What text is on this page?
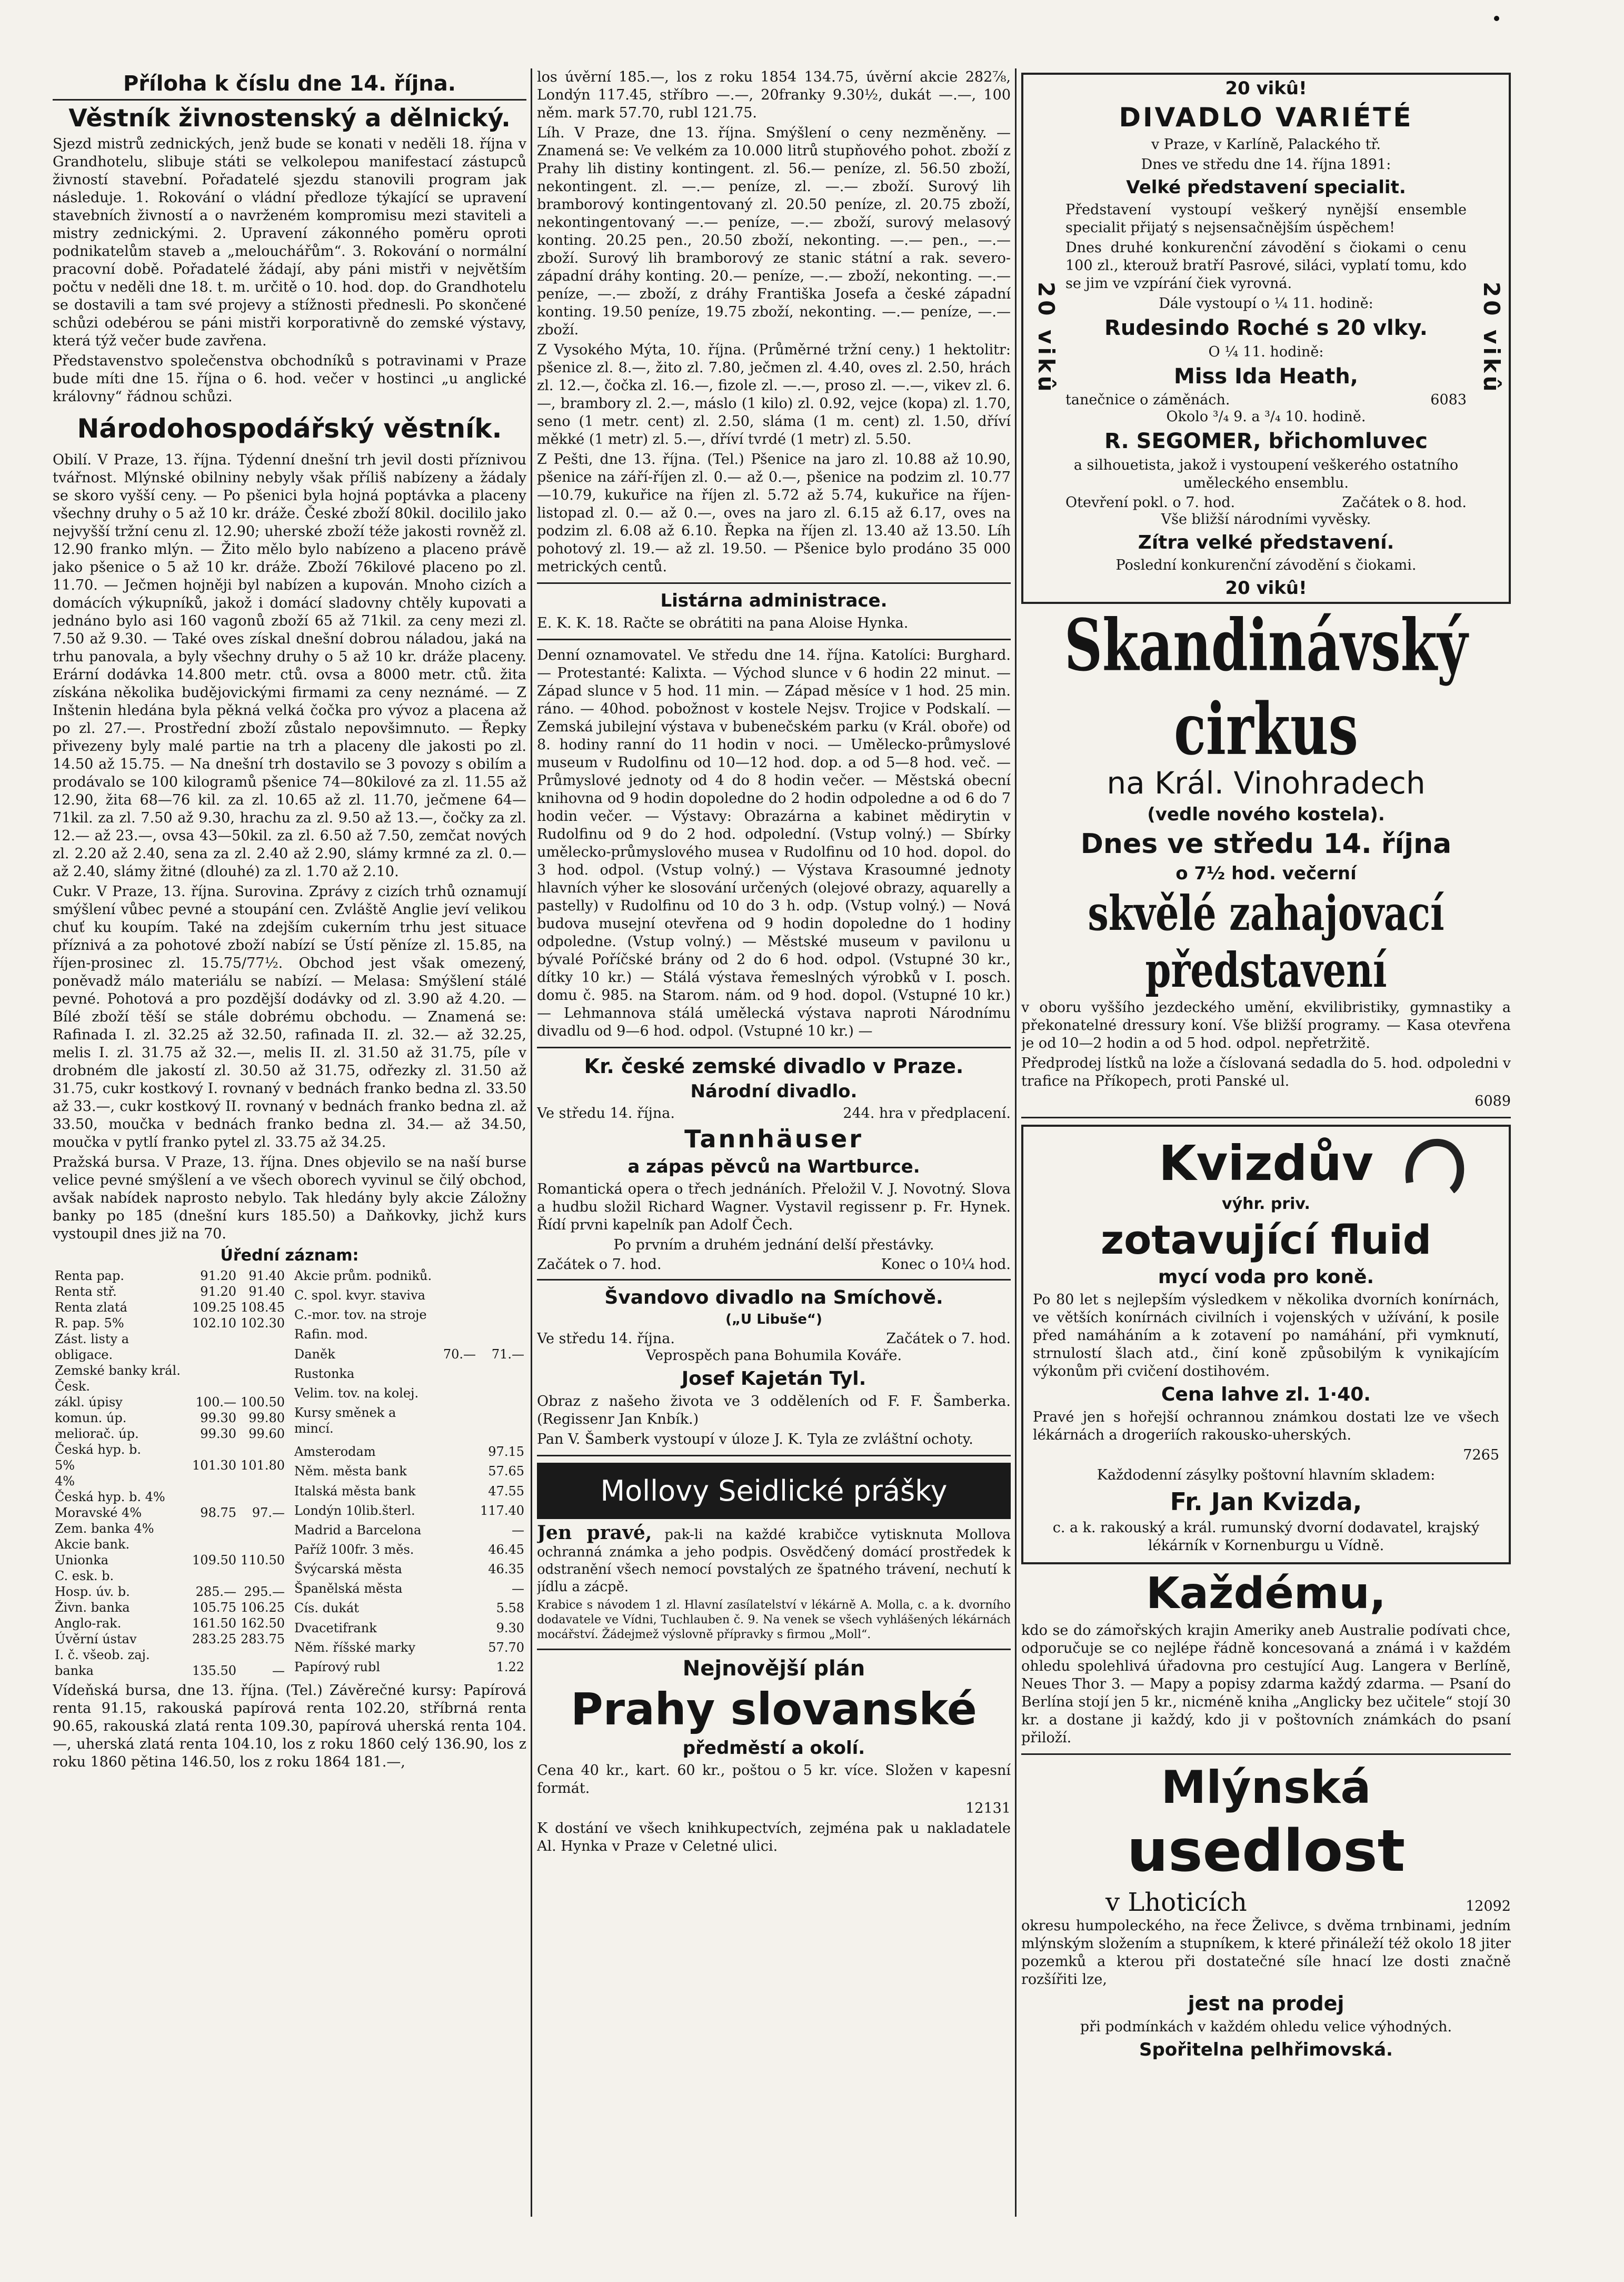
Příloha k číslu dne 14. října.
Věstník živnostenský a dělnický.

Sjezd mistrů zednických, jenž bude se konati v neděli 18. října v Grandhotelu, slibuje státi se velkolepou manifestací zástupců živností stavební. Pořadatelé sjezdu stanovili program jak následuje. 1. Rokování o vládní předloze týkající se upravení stavebních živností a o navrženém kompromisu mezi staviteli a mistry zednickými. 2. Upravení zákonného poměru oproti podnikatelům staveb a „melouchářům“. 3. Rokování o normální pracovní době. Pořadatelé žádají, aby páni mistři v největším počtu v neděli dne 18. t. m. určitě o 10. hod. dop. do Grandhotelu se dostavili a tam své projevy a stížnosti přednesli. Po skončené schůzi odebérou se páni mistři korporativně do zemské výstavy, která týž večer bude zavřena.

Představenstvo společenstva obchodníků s potravinami v Praze bude míti dne 15. října o 6. hod. večer v hostinci „u anglické královny“ řádnou schůzi.

Národohospodářský věstník.

Obilí. V Praze, 13. října. Týdenní dnešní trh jevil dosti příznivou tvářnost. Mlýnské obilniny nebyly však příliš nabízeny a žádaly se skoro vyšší ceny. — Po pšenici byla hojná poptávka a placeny všechny druhy o 5 až 10 kr. dráže. České zboží 80kil. docililo jako nejvyšší tržní cenu zl. 12.90; uherské zboží téže jakosti rovněž zl. 12.90 franko mlýn. — Žito mělo bylo nabízeno a placeno právě jako pšenice o 5 až 10 kr. dráže. Zboží 76kilové placeno po zl. 11.70. — Ječmen hojněji byl nabízen a kupován. Mnoho cizích a domácích výkupníků, jakož i domácí sladovny chtěly kupovati a jednáno bylo asi 160 vagonů zboží 65 až 71kil. za ceny mezi zl. 7.50 až 9.30. — Také oves získal dnešní dobrou náladou, jaká na trhu panovala, a byly všechny druhy o 5 až 10 kr. dráže placeny. Erární dodávka 14.800 metr. ctů. ovsa a 8000 metr. ctů. žita získána několika budějovickými firmami za ceny neznámé. — Z Inštenin hledána byla pěkná velká čočka pro vývoz a placena až po zl. 27.—. Prostřední zboží zůstalo nepovšimnuto. — Řepky přivezeny byly malé partie na trh a placeny dle jakosti po zl. 14.50 až 15.75. — Na dnešní trh dostavilo se 3 povozy s obilím a prodávalo se 100 kilogramů pšenice 74—80kilové za zl. 11.55 až 12.90, žita 68—76 kil. za zl. 10.65 až zl. 11.70, ječmene 64—71kil. za zl. 7.50 až 9.30, hrachu za zl. 9.50 až 13.—, čočky za zl. 12.— až 23.—, ovsa 43—50kil. za zl. 6.50 až 7.50, zemčat nových zl. 2.20 až 2.40, sena za zl. 2.40 až 2.90, slámy krmné za zl. 0.— až 2.40, slámy žitné (dlouhé) za zl. 1.70 až 2.10.

Cukr. V Praze, 13. října. Surovina. Zprávy z cizích trhů oznamují smýšlení vůbec pevné a stoupání cen. Zvláště Anglie jeví velikou chuť ku koupím. Také na zdejším cukerním trhu jest situace příznivá a za pohotové zboží nabízí se Ústí pěníze zl. 15.85, na říjen-prosinec zl. 15.75/77½. Obchod jest však omezený, poněvadž málo materiálu se nabízí. — Melasa: Smýšlení stálé pevné. Pohotová a pro pozdější dodávky od zl. 3.90 až 4.20. — Bílé zboží těší se stále dobrému obchodu. — Znamená se: Rafinada I. zl. 32.25 až 32.50, rafinada II. zl. 32.— až 32.25, melis I. zl. 31.75 až 32.—, melis II. zl. 31.50 až 31.75, píle v drobném dle jakostí zl. 30.50 až 31.75, odřezky zl. 31.50 až 31.75, cukr kostkový I. rovnaný v bednách franko bedna zl. 33.50 až 33.—, cukr kostkový II. rovnaný v bednách franko bedna zl. až 33.50, moučka v bednách franko bedna zl. 34.— až 34.50, moučka v pytlí franko pytel zl. 33.75 až 34.25.

Pražská bursa. V Praze, 13. října. Dnes objevilo se na naší burse velice pevné smýšlení a ve všech oborech vyvinul se čilý obchod, avšak nabídek naprosto nebylo. Tak hledány byly akcie Záložny banky po 185 (dnešní kurs 185.50) a Daňkovky, jichž kurs vystoupil dnes již na 70.

Úřední záznam:
Renta pap.	91.20	91.40
Renta stř.	91.20	91.40
Renta zlatá	109.25	108.45
R. pap. 5%	102.10	102.30
Zást. listy a obligace.		
Zemské banky král. Česk.		
zákl. úpisy	100.—	100.50
komun. úp.	99.30	99.80
meliorač. úp.	99.30	99.60
Česká hyp. b.		
5%	101.30	101.80
4%		
Česká hyp. b. 4%		
Moravské 4%	98.75	97.—
Zem. banka 4%		
Akcie bank.		
Unionka	109.50	110.50
C. esk. b.		
Hosp. úv. b.	285.—	295.—
Živn. banka	105.75	106.25
Anglo-rak.	161.50	162.50
Úvěrní ústav	283.25	283.75
I. č. všeob. zaj.		
banka	135.50	—
Akcie prům. podniků.		
C. spol. kvyr. staviva		
C.-mor. tov. na stroje		
Rafin. mod.		
Daněk	70.—	71.—
Rustonka		
Velim. tov. na kolej.		
Kursy směnek a mincí.		
Amsterodam		97.15
Něm. města bank		57.65
Italská města bank		47.55
Londýn 10lib.šterl.		117.40
Madrid a Barcelona		—
Paříž 100fr. 3 měs.		46.45
Švýcarská města		46.35
Španělská města		—
Cís. dukát		5.58
Dvacetifrank		9.30
Něm. říšské marky		57.70
Papírový rubl		1.22

Vídeňská bursa, dne 13. října. (Tel.) Závěrečné kursy: Papírová renta 91.15, rakouská papírová renta 102.20, stříbrná renta 90.65, rakouská zlatá renta 109.30, papírová uherská renta 104.—, uherská zlatá renta 104.10, los z roku 1860 celý 136.90, los z roku 1860 pětina 146.50, los z roku 1864 181.—,

los úvěrní 185.—, los z roku 1854 134.75, úvěrní akcie 282⅞, Londýn 117.45, stříbro —.—, 20franky 9.30½, dukát —.—, 100 něm. mark 57.70, rubl 121.75.

Líh. V Praze, dne 13. října. Smýšlení o ceny nezměněny. — Znamená se: Ve velkém za 10.000 litrů stupňového pohot. zboží z Prahy lih distiny kontingent. zl. 56.— peníze, zl. 56.50 zboží, nekontingent. zl. —.— peníze, zl. —.— zboží. Surový lih bramborový kontingentovaný zl. 20.50 peníze, zl. 20.75 zboží, nekontingentovaný —.— peníze, —.— zboží, surový melasový konting. 20.25 pen., 20.50 zboží, nekonting. —.— pen., —.— zboží. Surový lih bramborový ze stanic státní a rak. severo-západní dráhy konting. 20.— peníze, —.— zboží, nekonting. —.— peníze, —.— zboží, z dráhy Františka Josefa a české západní konting. 19.50 peníze, 19.75 zboží, nekonting. —.— peníze, —.— zboží.

Z Vysokého Mýta, 10. října. (Průměrné tržní ceny.) 1 hektolitr: pšenice zl. 8.—, žito zl. 7.80, ječmen zl. 4.40, oves zl. 2.50, hrách zl. 12.—, čočka zl. 16.—, fizole zl. —.—, proso zl. —.—, vikev zl. 6.—, brambory zl. 2.—, máslo (1 kilo) zl. 0.92, vejce (kopa) zl. 1.70, seno (1 metr. cent) zl. 2.50, sláma (1 m. cent) zl. 1.50, dříví měkké (1 metr) zl. 5.—, dříví tvrdé (1 metr) zl. 5.50.

Z Pešti, dne 13. října. (Tel.) Pšenice na jaro zl. 10.88 až 10.90, pšenice na září-říjen zl. 0.— až 0.—, pšenice na podzim zl. 10.77—10.79, kukuřice na říjen zl. 5.72 až 5.74, kukuřice na říjen-listopad zl. 0.— až 0.—, oves na jaro zl. 6.15 až 6.17, oves na podzim zl. 6.08 až 6.10. Řepka na říjen zl. 13.40 až 13.50. Líh pohotový zl. 19.— až zl. 19.50. — Pšenice bylo prodáno 35 000 metrických centů.

Listárna administrace.

E. K. K. 18. Račte se obrátiti na pana Aloise Hynka.

Denní oznamovatel. Ve středu dne 14. října. Katolíci: Burghard. — Protestanté: Kalixta. — Východ slunce v 6 hodin 22 minut. — Západ slunce v 5 hod. 11 min. — Západ měsíce v 1 hod. 25 min. ráno. — 40hod. pobožnost v kostele Nejsv. Trojice v Podskalí. — Zemská jubilejní výstava v bubenečském parku (v Král. oboře) od 8. hodiny ranní do 11 hodin v noci. — Umělecko-průmyslové museum v Rudolfinu od 10—12 hod. dop. a od 5—8 hod. več. — Průmyslové jednoty od 4 do 8 hodin večer. — Městská obecní knihovna od 9 hodin dopoledne do 2 hodin odpoledne a od 6 do 7 hodin večer. — Výstavy: Obrazárna a kabinet mědirytin v Rudolfinu od 9 do 2 hod. odpolední. (Vstup volný.) — Sbírky umělecko-průmyslového musea v Rudolfinu od 10 hod. dopol. do 3 hod. odpol. (Vstup volný.) — Výstava Krasoumné jednoty hlavních výher ke slosování určených (olejové obrazy, aquarelly a pastelly) v Rudolfinu od 10 do 3 h. odp. (Vstup volný.) — Nová budova musejní otevřena od 9 hodin dopoledne do 1 hodiny odpoledne. (Vstup volný.) — Městské museum v pavilonu u bývalé Poříčské brány od 2 do 6 hod. odpol. (Vstupné 30 kr., dítky 10 kr.) — Stálá výstava řemeslných výrobků v I. posch. domu č. 985. na Starom. nám. od 9 hod. dopol. (Vstupné 10 kr.) — Lehmannova stálá umělecká výstava naproti Národnímu divadlu od 9—6 hod. odpol. (Vstupné 10 kr.) —

Kr. české zemské divadlo v Praze.
Národní divadlo.
Ve středu 14. října.	244. hra v předplacení.
Tannhäuser
a zápas pěvců na Wartburce.

Romantická opera o třech jednáních. Přeložil V. J. Novotný. Slova a hudbu složil Richard Wagner. Vystavil regissenr p. Fr. Hynek. Řídí prvni kapelník pan Adolf Čech.

Po prvním a druhém jednání delší přestávky.

Začátek o 7. hod.	Konec o 10¼ hod.
Švandovo divadlo na Smíchově.
(„U Libuše“)
Ve středu 14. října.	Začátek o 7. hod.

Veprospěch pana Bohumila Kováře.

Josef Kajetán Tyl.

Obraz z našeho života ve 3 odděleních od F. F. Šamberka. (Regissenr Jan Knbík.)

Pan V. Šamberk vystoupí v úloze J. K. Tyla ze zvláštní ochoty.

Mollovy Seidlické prášky

Jen pravé, pak-li na každé krabičce vytisknuta Mollova ochranná známka a jeho podpis. Osvědčený domácí prostředek k odstranění všech nemocí povstalých ze špatného trávení, nechutí k jídlu a zácpě.

Krabice s návodem 1 zl. Hlavní zasílatelství v lékárně A. Molla, c. a k. dvorního dodavatele ve Vídni, Tuchlauben č. 9. Na venek se všech vyhlášených lékárnách mocářství. Žádejmež výslovně přípravky s firmou „Moll“.

Nejnovější plán
Prahy slovanské
předměstí a okolí.

Cena 40 kr., kart. 60 kr., poštou o 5 kr. více. Složen v kapesní formát.

12131

K dostání ve všech knihkupectvích, zejména pak u nakladatele Al. Hynka v Praze v Celetné ulici.

20 vikû	20 vikû
20 vikû!
DIVADLO VARIÉTÉ

v Praze, v Karlíně, Palackého tř.

Dnes ve středu dne 14. října 1891:

Velké představení specialit.

Představení vystoupí veškerý nynější ensemble specialit přijatý s nejsensačnějším úspěchem!

Dnes druhé konkurenční závodění s čiokami o cenu 100 zl., kterouž bratří Pasrové, siláci, vyplatí tomu, kdo se jim ve vzpírání čiek vyrovná.

Dále vystoupí o ¼ 11. hodině:

Rudesindo Roché s 20 vlky.

O ¼ 11. hodině:

Miss Ida Heath,
tanečnice o záměnách.	6083

Okolo ³/₄ 9. a ³/₄ 10. hodině.

R. SEGOMER, břichomluvec

a silhouetista, jakož i vystoupení veškerého ostatního uměleckého ensemblu.

Otevření pokl. o 7. hod.	Začátek o 8. hod.

Vše bližší národními vyvěsky.

Zítra velké představení.

Poslední konkurenční závodění s čiokami.

20 vikû!
Skandinávský cirkus
na Král. Vinohradech
(vedle nového kostela).
Dnes ve středu 14. října
o 7½ hod. večerní
skvělé zahajovací představení

v oboru vyššího jezdeckého umění, ekvilibristiky, gymnastiky a překonatelné dressury koní. Vše bližší programy. — Kasa otevřena je od 10—2 hodin a od 5 hod. odpol. nepřetržitě.

Předprodej lístků na lože a číslovaná sedadla do 5. hod. odpoledni v trafice na Příkopech, proti Panské ul.

6089

Kvizdův
výhr. priv.
zotavující fluid
mycí voda pro koně.

Po 80 let s nejlepším výsledkem v několika dvorních konírnách, ve větších konírnách civilních i vojenských v užívání, k posile před namáháním a k zotavení po namáhání, při vymknutí, strnulostí šlach atd., činí koně způsobilým k vynikajícím výkonům při cvičení dostihovém.

Cena lahve zl. 1·40.

Pravé jen s hořejší ochrannou známkou dostati lze ve všech lékárnách a drogeriích rakousko-uherských.

7265

Každodenní zásylky poštovní hlavním skladem:

Fr. Jan Kvizda,

c. a k. rakouský a král. rumunský dvorní dodavatel, krajský lékárník v Kornenburgu u Vídně.

Každému,

kdo se do zámořských krajin Ameriky aneb Australie podívati chce, odporučuje se co nejlépe řádně koncesovaná a známá i v každém ohledu spolehlivá úřadovna pro cestující Aug. Langera v Berlíně, Neues Thor 3. — Mapy a popisy zdarma každý zdarma. — Psaní do Berlína stojí jen 5 kr., nicméně kniha „Anglicky bez učitele“ stojí 30 kr. a dostane ji každý, kdo ji v poštovních známkách do psaní přiloží.

Mlýnská
usedlost
v Lhoticích	12092

okresu humpoleckého, na řece Želivce, s dvěma trnbinami, jedním mlýnským složením a stupníkem, k které přináleží též okolo 18 jiter pozemků a kterou při dostatečné síle hnací lze dosti značně rozšířiti lze,

jest na prodej

při podmínkách v každém ohledu velice výhodných.

Spořitelna pelhřimovská.
